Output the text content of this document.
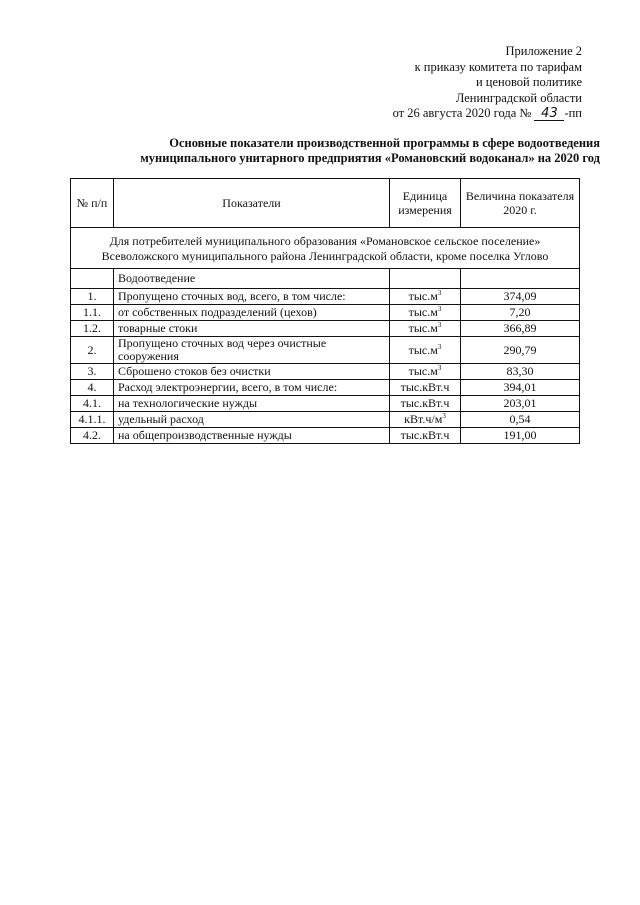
Приложение 2
к приказу комитета по тарифам
и ценовой политике
Ленинградской области
от 26 августа 2020 года № 43 -пп
Основные показатели производственной программы в сфере водоотведения
муниципального унитарного предприятия «Романовский водоканал» на 2020 год
№ п/п	Показатели	Единица измерения	Величина показателя 2020 г.

Для потребителей муниципального образования «Романовское сельское поселение»
Всеволожского муниципального района Ленинградской области, кроме поселка Углово			

	Водоотведение		
1.	Пропущено сточных вод, всего, в том числе:	$тыс.м^3$	374,09
1.1.	от собственных подразделений (цехов)	$тыс.м^3$	7,20
1.2.	товарные стоки	$тыс.м^3$	366,89
2.	Пропущено сточных вод через очистные сооружения	$тыс.м^3$	290,79
3.	Сброшено стоков без очистки	$тыс.м^3$	83,30
4.	Расход электроэнергии, всего, в том числе:	тыс.кВт.ч	394,01
4.1.	на технологические нужды	тыс.кВт.ч	203,01
4.1.1.	удельный расход	$кВт.ч/м^3$	0,54
4.2.	на общепроизводственные нужды	тыс.кВт.ч	191,00
